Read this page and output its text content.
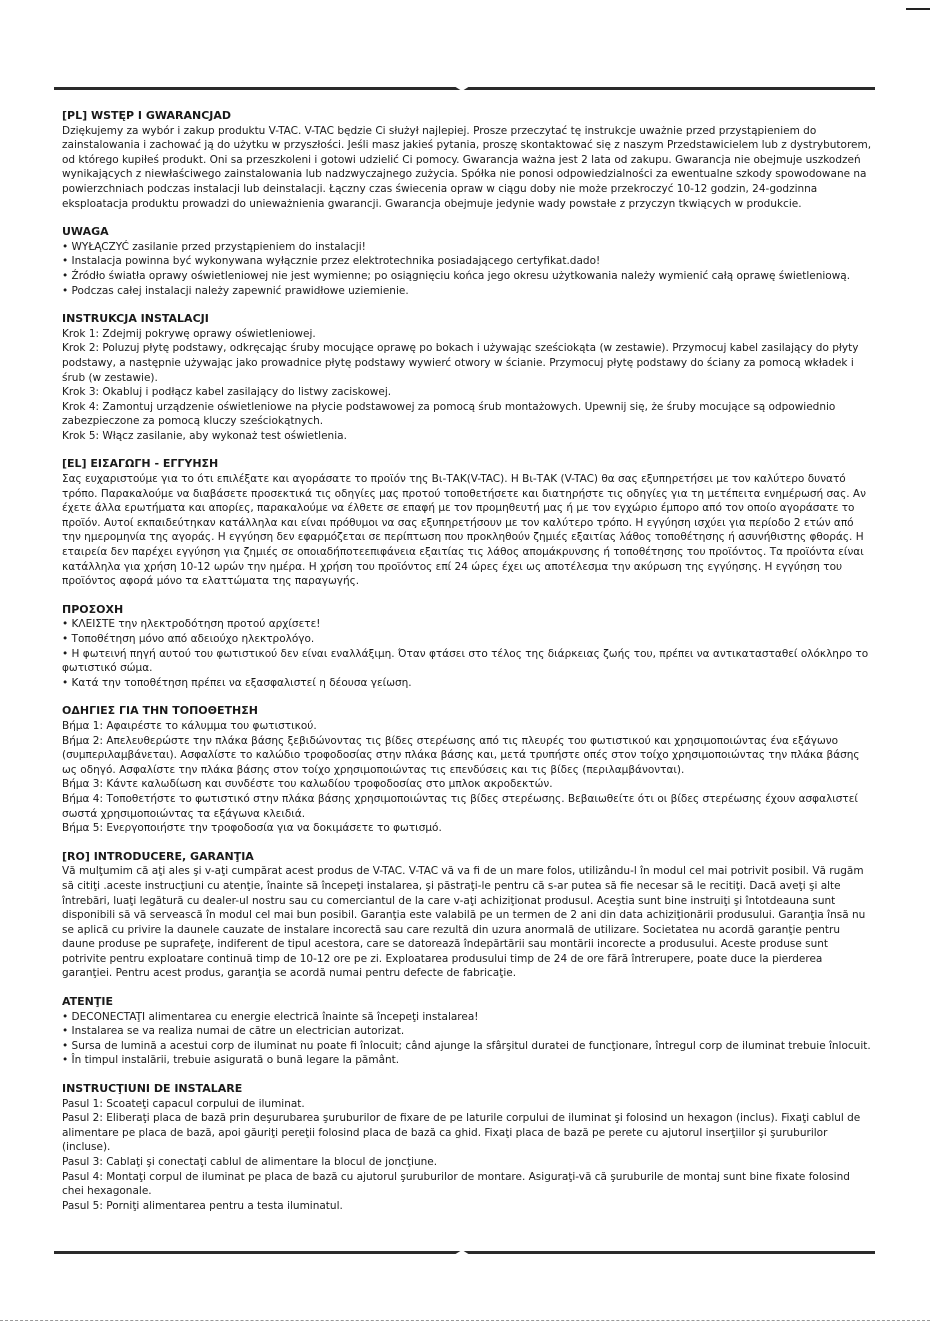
[PL] WSTĘP I GWARANCJAD

Dziękujemy za wybór i zakup produktu V-TAC. V-TAC będzie Ci służył najlepiej. Prosze przeczytać tę instrukcje uważnie przed przystąpieniem do zainstalowania i zachować ją do użytku w przyszłości. Jeśli masz jakieś pytania, proszę skontaktować się z naszym Przedstawicielem lub z dystrybutorem, od którego kupiłeś produkt. Oni sa przeszkoleni i gotowi udzielić Ci pomocy. Gwarancja ważna jest 2 lata od zakupu. Gwarancja nie obejmuje uszkodzeń wynikających z niewłaściwego zainstalowania lub nadzwyczajnego zużycia. Spółka nie ponosi odpowiedzialności za ewentualne szkody spowodowane na powierzchniach podczas instalacji lub deinstalacji. Łączny czas świecenia opraw w ciągu doby nie może przekroczyć 10-12 godzin, 24-godzinna eksploatacja produktu prowadzi do unieważnienia gwarancji. Gwarancja obejmuje jedynie wady powstałe z przyczyn tkwiących w produkcie.

UWAGA

• WYŁĄCZYĆ zasilanie przed przystąpieniem do instalacji!

• Instalacja powinna być wykonywana wyłącznie przez elektrotechnika posiadającego certyfikat.dado!

• Źródło światła oprawy oświetleniowej nie jest wymienne; po osiągnięciu końca jego okresu użytkowania należy wymienić całą oprawę świetleniową.

• Podczas całej instalacji należy zapewnić prawidłowe uziemienie.

INSTRUKCJA INSTALACJI

Krok 1: Zdejmij pokrywę oprawy oświetleniowej.

Krok 2: Poluzuj płytę podstawy, odkręcając śruby mocujące oprawę po bokach i używając sześciokąta (w zestawie). Przymocuj kabel zasilający do płyty podstawy, a następnie używając jako prowadnice płytę podstawy wywierć otwory w ścianie. Przymocuj płytę podstawy do ściany za pomocą wkładek i śrub (w zestawie).

Krok 3: Okabluj i podłącz kabel zasilający do listwy zaciskowej.

Krok 4: Zamontuj urządzenie oświetleniowe na płycie podstawowej za pomocą śrub montażowych. Upewnij się, że śruby mocujące są odpowiednio zabezpieczone za pomocą kluczy sześciokątnych.

Krok 5: Włącz zasilanie, aby wykonaż test oświetlenia.

[EL] ΕΙΣΑΓΩΓΗ - ΕΓΓΥΗΣΗ

Σας ευχαριστούμε για το ότι επιλέξατε και αγοράσατε το προϊόν της Βι-ΤΑΚ(V-TAC). Η Βι-ΤΑΚ (V-TAC) θα σας εξυπηρετήσει με τον καλύτερο δυνατό τρόπο. Παρακαλούμε να διαβάσετε προσεκτικά τις οδηγίες μας προτού τοποθετήσετε και διατηρήστε τις οδηγίες για τη μετέπειτα ενημέρωσή σας. Αν έχετε άλλα ερωτήματα και απορίες, παρακαλούμε να έλθετε σε επαφή με τον προμηθευτή μας ή με τον εγχώριο έμπορο από τον οποίο αγοράσατε το προϊόν. Αυτοί εκπαιδεύτηκαν κατάλληλα και είναι πρόθυμοι να σας εξυπηρετήσουν με τον καλύτερο τρόπο. Η εγγύηση ισχύει για περίοδο 2 ετών από την ημερομηνία της αγοράς. Η εγγύηση δεν εφαρμόζεται σε περίπτωση που προκληθούν ζημιές εξαιτίας λάθος τοποθέτησης ή ασυνήθιστης φθοράς. Η εταιρεία δεν παρέχει εγγύηση για ζημιές σε οποιαδήποτεεπιφάνεια εξαιτίας τις λάθος απομάκρυνσης ή τοποθέτησης του προϊόντος. Τα προϊόντα είναι κατάλληλα για χρήση 10-12 ωρών την ημέρα. Η χρήση του προϊόντος επί 24 ώρες έχει ως αποτέλεσμα την ακύρωση της εγγύησης. Η εγγύηση του προϊόντος αφορά μόνο τα ελαττώματα της παραγωγής.

ΠΡΟΣΟΧΗ

• ΚΛΕΙΣΤΕ την ηλεκτροδότηση προτού αρχίσετε!

• Τοποθέτηση μόνο από αδειούχο ηλεκτρολόγο.

• Η φωτεινή πηγή αυτού του φωτιστικού δεν είναι εναλλάξιμη. Όταν φτάσει στο τέλος της διάρκειας ζωής του, πρέπει να αντικατασταθεί ολόκληρο το φωτιστικό σώμα.

• Κατά την τοποθέτηση πρέπει να εξασφαλιστεί η δέουσα γείωση.

ΟΔΗΓΙΕΣ ΓΙΑ ΤΗΝ ΤΟΠΟΘΕΤΗΣΗ

Βήμα 1: Αφαιρέστε το κάλυμμα του φωτιστικού.

Βήμα 2: Απελευθερώστε την πλάκα βάσης ξεβιδώνοντας τις βίδες στερέωσης από τις πλευρές του φωτιστικού και χρησιμοποιώντας ένα εξάγωνο (συμπεριλαμβάνεται). Ασφαλίστε το καλώδιο τροφοδοσίας στην πλάκα βάσης και, μετά τρυπήστε οπές στον τοίχο χρησιμοποιώντας την πλάκα βάσης ως οδηγό. Ασφαλίστε την πλάκα βάσης στον τοίχο χρησιμοποιώντας τις επενδύσεις και τις βίδες (περιλαμβάνονται).

Βήμα 3: Κάντε καλωδίωση και συνδέστε του καλωδίου τροφοδοσίας στο μπλοκ ακροδεκτών.

Βήμα 4: Τοποθετήστε το φωτιστικό στην πλάκα βάσης χρησιμοποιώντας τις βίδες στερέωσης. Βεβαιωθείτε ότι οι βίδες στερέωσης έχουν ασφαλιστεί σωστά χρησιμοποιώντας τα εξάγωνα κλειδιά.

Βήμα 5: Ενεργοποιήστε την τροφοδοσία για να δοκιμάσετε το φωτισμό.

[RO] INTRODUCERE, GARANŢIA

Vă mulţumim că aţi ales şi v-aţi cumpărat acest produs de V-TAC. V-TAC vă va fi de un mare folos, utilizându-l în modul cel mai potrivit posibil. Vă rugăm să citiţi .aceste instrucţiuni cu atenţie, înainte să începeţi instalarea, şi păstraţi-le pentru că s-ar putea să fie necesar să le recitiţi. Dacă aveţi şi alte întrebări, luaţi legătură cu dealer-ul nostru sau cu comerciantul de la care v-aţi achiziţionat produsul. Aceştia sunt bine instruiţi şi întotdeauna sunt disponibili să vă servească în modul cel mai bun posibil. Garanţia este valabilă pe un termen de 2 ani din data achiziţionării produsului. Garanţia însă nu se aplică cu privire la daunele cauzate de instalare incorectă sau care rezultă din uzura anormală de utilizare. Societatea nu acordă garanţie pentru daune produse pe suprafeţe, indiferent de tipul acestora, care se datorează îndepărtării sau montării incorecte a produsului. Aceste produse sunt potrivite pentru exploatare continuă timp de 10-12 ore pe zi. Exploatarea produsului timp de 24 de ore fără întrerupere, poate duce la pierderea garanţiei. Pentru acest produs, garanţia se acordă numai pentru defecte de fabricaţie.

ATENŢIE

• DECONECTAŢI alimentarea cu energie electrică înainte să începeţi instalarea!

• Instalarea se va realiza numai de către un electrician autorizat.

• Sursa de lumină a acestui corp de iluminat nu poate fi înlocuit; când ajunge la sfârşitul duratei de funcţionare, întregul corp de iluminat trebuie înlocuit.

• În timpul instalării, trebuie asigurată o bună legare la pământ.

INSTRUCŢIUNI DE INSTALARE

Pasul 1: Scoateţi capacul corpului de iluminat.

Pasul 2: Eliberaţi placa de bază prin deşurubarea şuruburilor de fixare de pe laturile corpului de iluminat şi folosind un hexagon (inclus). Fixaţi cablul de alimentare pe placa de bază, apoi găuriţi pereţii folosind placa de bază ca ghid. Fixaţi placa de bază pe perete cu ajutorul inserţiilor şi şuruburilor (incluse).

Pasul 3: Cablaţi şi conectaţi cablul de alimentare la blocul de joncţiune.

Pasul 4: Montaţi corpul de iluminat pe placa de bază cu ajutorul şuruburilor de montare. Asiguraţi-vă că şuruburile de montaj sunt bine fixate folosind chei hexagonale.

Pasul 5: Porniţi alimentarea pentru a testa iluminatul.
